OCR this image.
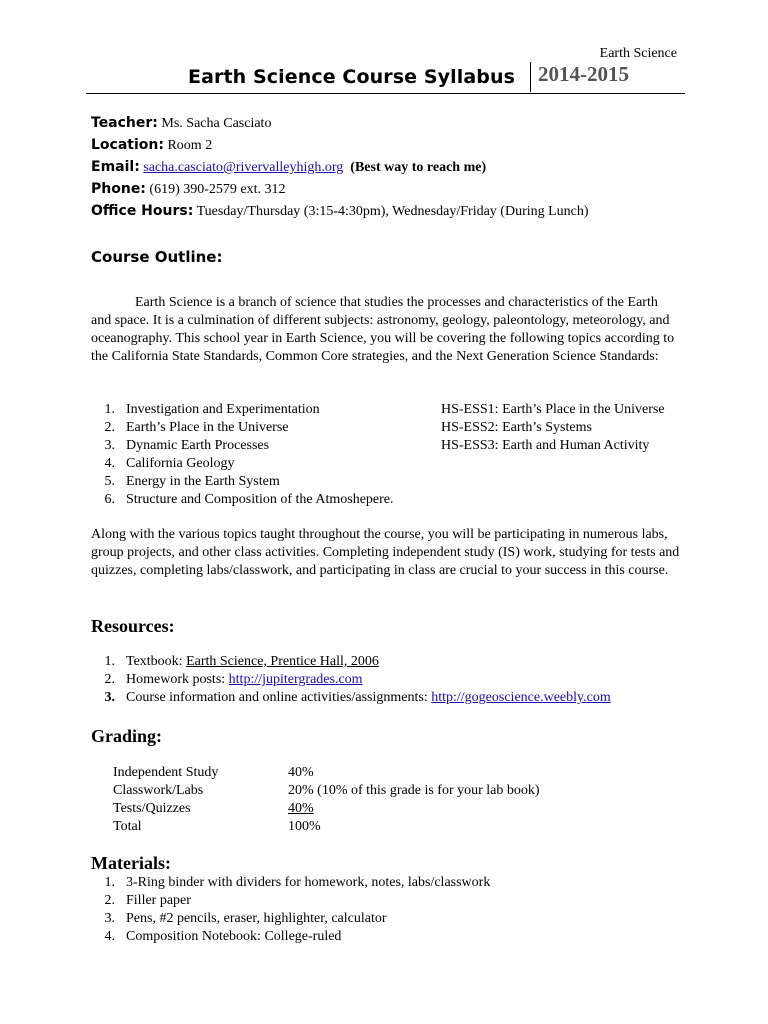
Earth Science
Earth Science Course Syllabus 2014-2015
Teacher: Ms. Sacha Casciato
Location: Room 2
Email: sacha.casciato@rivervalleyhigh.org  (Best way to reach me)
Phone: (619) 390-2579 ext. 312
Office Hours: Tuesday/Thursday (3:15-4:30pm), Wednesday/Friday (During Lunch)
Course Outline:
Earth Science is a branch of science that studies the processes and characteristics of the Earth and space. It is a culmination of different subjects: astronomy, geology, paleontology, meteorology, and oceanography. This school year in Earth Science, you will be covering the following topics according to the California State Standards, Common Core strategies, and the Next Generation Science Standards:
1. Investigation and Experimentation
2. Earth’s Place in the Universe
3. Dynamic Earth Processes
4. California Geology
5. Energy in the Earth System
6. Structure and Composition of the Atmoshepere.
HS-ESS1: Earth’s Place in the Universe
HS-ESS2: Earth’s Systems
HS-ESS3: Earth and Human Activity
Along with the various topics taught throughout the course, you will be participating in numerous labs, group projects, and other class activities. Completing independent study (IS) work, studying for tests and quizzes, completing labs/classwork, and participating in class are crucial to your success in this course.
Resources:
1. Textbook: Earth Science, Prentice Hall, 2006
2. Homework posts: http://jupitergrades.com
3. Course information and online activities/assignments: http://gogeoscience.weebly.com
Grading:
Independent Study	40%
Classwork/Labs	20% (10% of this grade is for your lab book)
Tests/Quizzes	40%
Total	100%
Materials:
1. 3-Ring binder with dividers for homework, notes, labs/classwork
2. Filler paper
3. Pens, #2 pencils, eraser, highlighter, calculator
4. Composition Notebook: College-ruled
